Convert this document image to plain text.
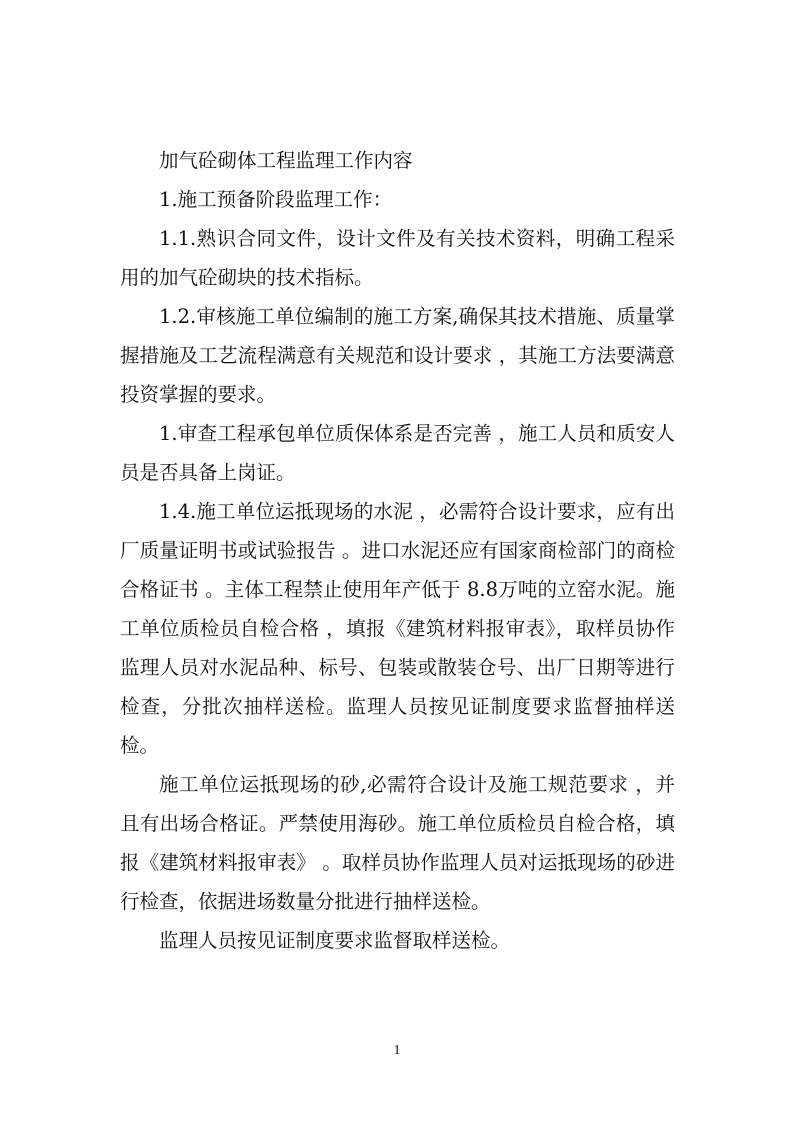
加气砼砌体工程监理工作内容

1.施工预备阶段监理工作：

1.1.熟识合同文件，设计文件及有关技术资料，明确工程采用的加气砼砌块的技术指标。

1.2.审核施工单位编制的施工方案,确保其技术措施、质量掌握措施及工艺流程满意有关规范和设计要求 ，其施工方法要满意投资掌握的要求。

1.审查工程承包单位质保体系是否完善 ，施工人员和质安人员是否具备上岗证。

1.4.施工单位运抵现场的水泥 ，必需符合设计要求，应有出厂质量证明书或试验报告 。进口水泥还应有国家商检部门的商检合格证书 。主体工程禁止使用年产低于 8.8万吨的立窑水泥。施工单位质检员自检合格 ，填报《建筑材料报审表》，取样员协作监理人员对水泥品种、标号、包装或散装仓号、出厂日期等进行检查，分批次抽样送检。监理人员按见证制度要求监督抽样送检。

施工单位运抵现场的砂,必需符合设计及施工规范要求 ，并且有出场合格证。严禁使用海砂。施工单位质检员自检合格，填报《建筑材料报审表》 。取样员协作监理人员对运抵现场的砂进行检查，依据进场数量分批进行抽样送检。

监理人员按见证制度要求监督取样送检。

1
